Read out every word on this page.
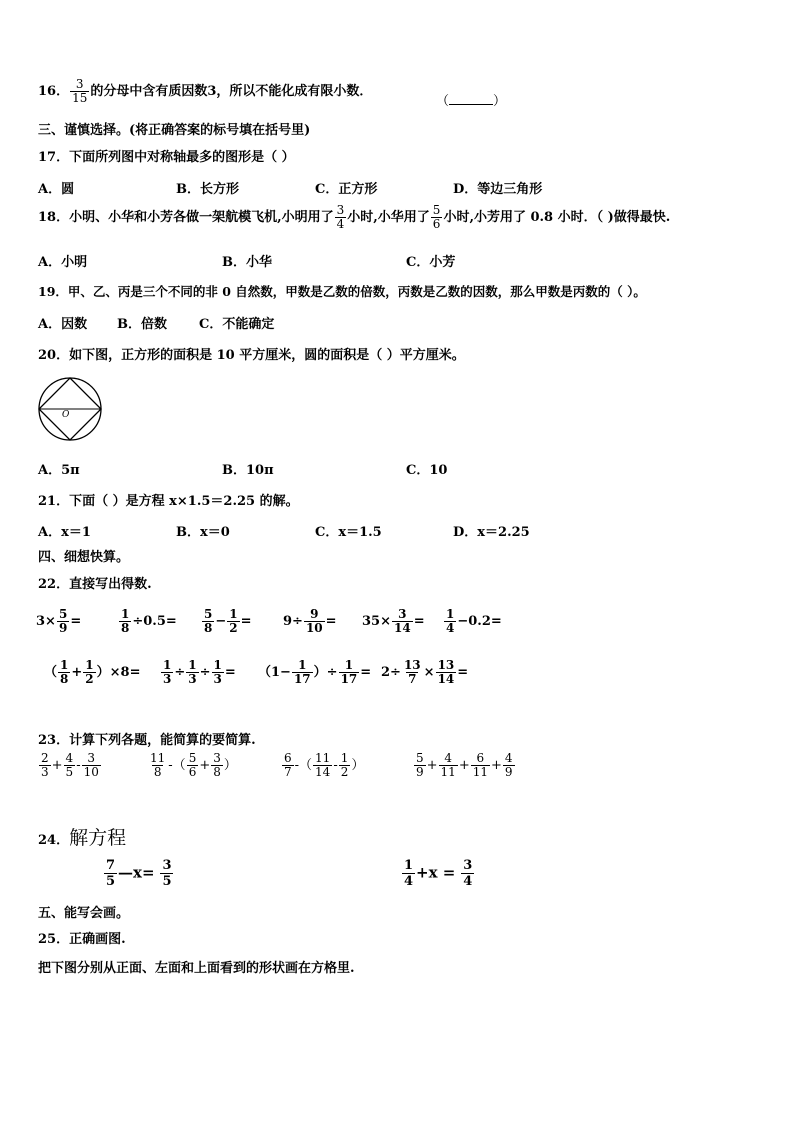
16． $\frac{3}{15}$ 的分母中含有质因数3，所以不能化成有限小数．
（	）
三、谨慎选择。(将正确答案的标号填在括号里)
17．下面所列图中对称轴最多的图形是（ ）
A．圆	B．长方形	C．正方形	D．等边三角形
18．小明、小华和小芳各做一架航模飞机,小明用了 $\frac{3}{4}$ 小时,小华用了 $\frac{5}{6}$ 小时,小芳用了 0.8 小时．（ )做得最快.
A．小明	B．小华	C．小芳
19．甲、乙、丙是三个不同的非 0 自然数，甲数是乙数的倍数，丙数是乙数的因数，那么甲数是丙数的（ ）。
A．因数 B．倍数 C．不能确定
20．如下图，正方形的面积是 10 平方厘米，圆的面积是（ ）平方厘米。
O
A．5π	B．10π	C．10
21．下面（ ）是方程 x×1.5＝2.25 的解。
A．x＝1	B．x＝0	C．x＝1.5	D．x＝2.25
四、细想快算。
22．直接写出得数.
$3\times \frac{5}{9}$ =	$\frac{1}{8} \div 0.5= \frac{5}{8} - \frac{1}{2} = 9\div \frac{9}{10} = 35\times \frac{3}{14} = \frac{1}{4} -0.2=$
（ $\frac{1}{8} + \frac{1}{2} )\times 8= \frac{1}{3} \div \frac{1}{3} \div \frac{1}{3} = (1- \frac{1}{17}$ ）÷ $\frac{1}{17} = 2\div \frac{13}{7} \times \frac{13}{14}$ =
23．计算下列各题，能简算的要简算.
$\frac{2}{3} + \frac{4}{5} - \frac{3}{10}$	$\frac{11}{8}$ -（ $\frac{5}{6} + \frac{3}{8}$ ）	$\frac{6}{7}$ -（ $\frac{11}{14} - \frac{1}{2}$ ）	$\frac{5}{9} + \frac{4}{11} + \frac{6}{11} + \frac{4}{9}$
24．解方程
$\frac{7}{5}$ —x= $\frac{3}{5}$	$\frac{1}{4} +x = \frac{3}{4}$
五、能写会画。
25．正确画图.
把下图分别从正面、左面和上面看到的形状画在方格里.
